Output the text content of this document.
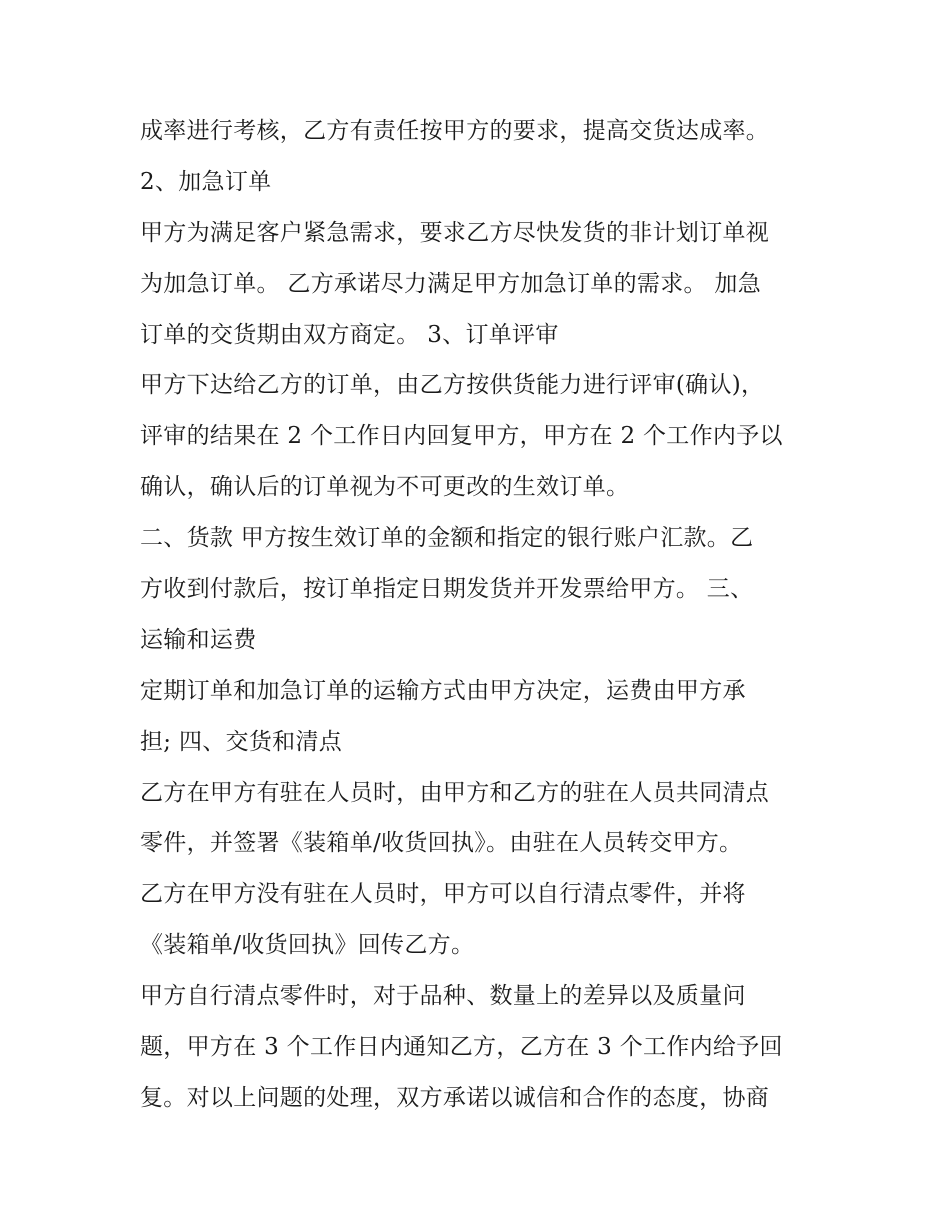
成率进行考核，乙方有责任按甲方的要求，提高交货达成率。
2、加急订单
甲方为满足客户紧急需求，要求乙方尽快发货的非计划订单视
为加急订单。 乙方承诺尽力满足甲方加急订单的需求。 加急
订单的交货期由双方商定。 3、订单评审
甲方下达给乙方的订单，由乙方按供货能力进行评审(确认)，
评审的结果在 2 个工作日内回复甲方，甲方在 2 个工作内予以
确认，确认后的订单视为不可更改的生效订单。
二、货款 甲方按生效订单的金额和指定的银行账户汇款。乙
方收到付款后，按订单指定日期发货并开发票给甲方。 三、
运输和运费
定期订单和加急订单的运输方式由甲方决定，运费由甲方承
担; 四、交货和清点
乙方在甲方有驻在人员时，由甲方和乙方的驻在人员共同清点
零件，并签署《装箱单/收货回执》。由驻在人员转交甲方。
乙方在甲方没有驻在人员时，甲方可以自行清点零件，并将
《装箱单/收货回执》回传乙方。
甲方自行清点零件时，对于品种、数量上的差异以及质量问
题，甲方在 3 个工作日内通知乙方，乙方在 3 个工作内给予回
复。对以上问题的处理，双方承诺以诚信和合作的态度，协商
